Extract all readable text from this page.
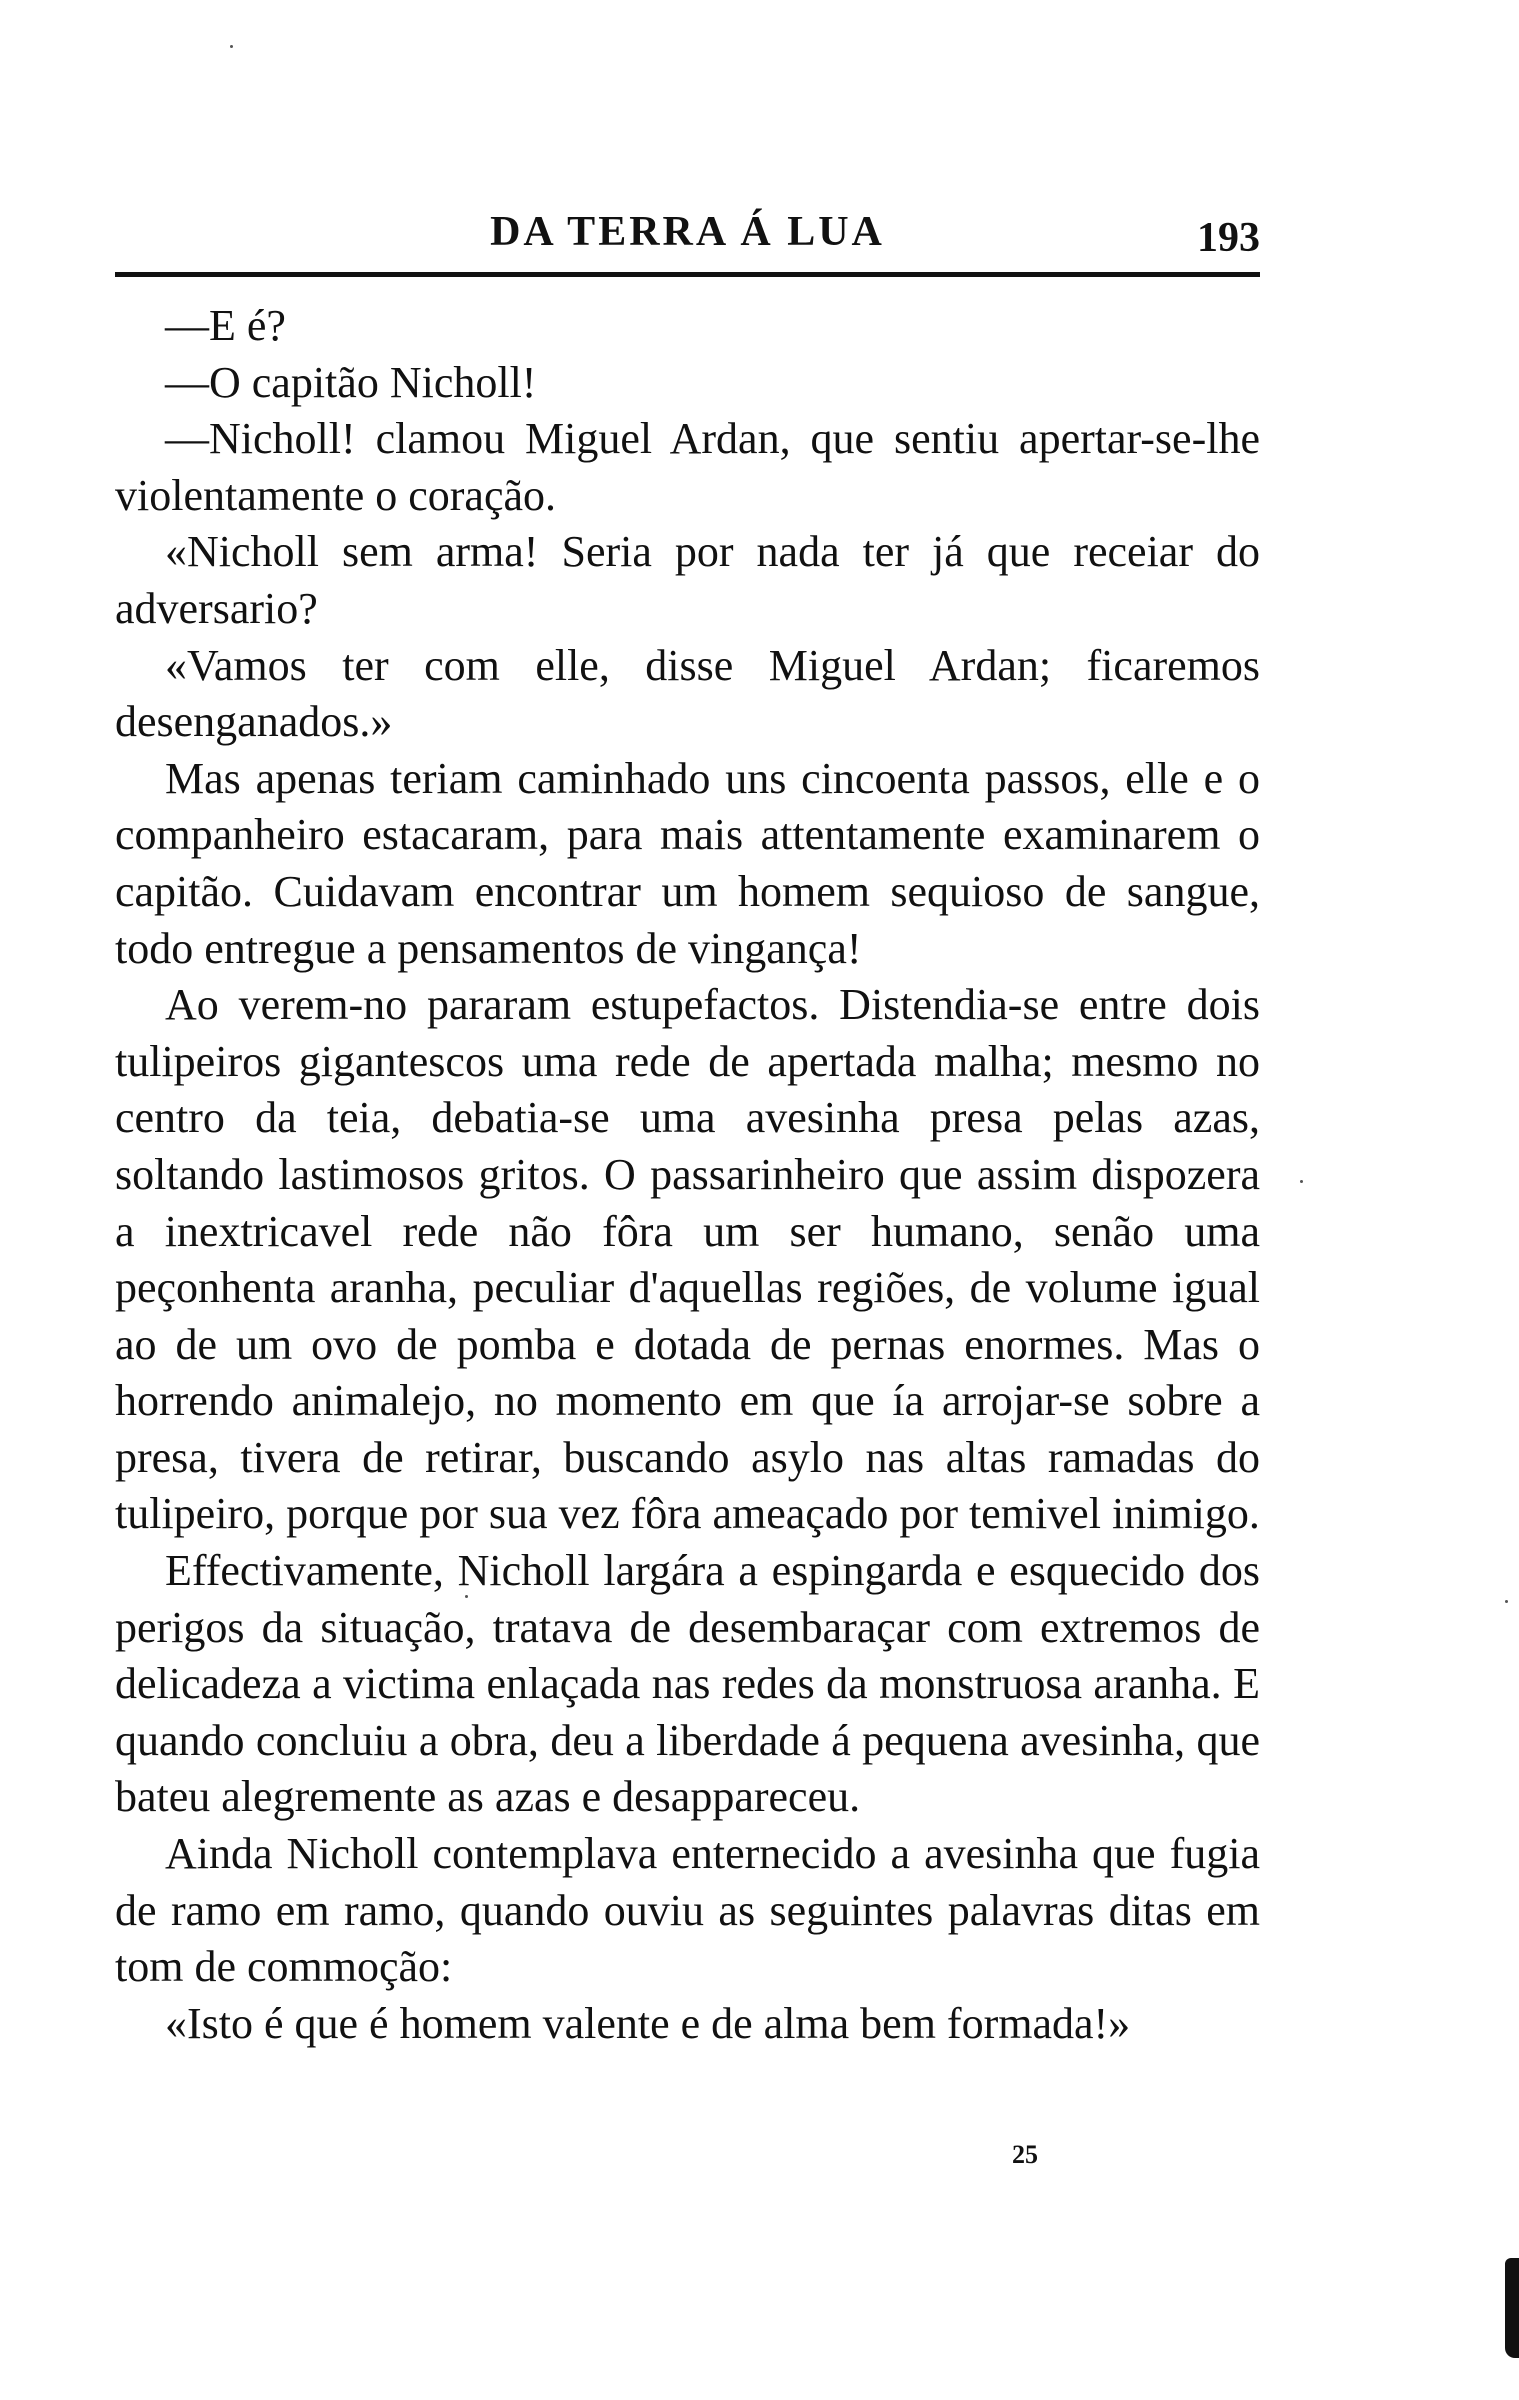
DA TERRA Á LUA	193

—E é?

—O capitão Nicholl!

—Nicholl! clamou Miguel Ardan, que sentiu apertar-se-lhe violentamente o coração.

«Nicholl sem arma! Seria por nada ter já que receiar do adversario?

«Vamos ter com elle, disse Miguel Ardan; ficaremos desenganados.»

Mas apenas teriam caminhado uns cincoenta passos, elle e o companheiro estacaram, para mais attentamente examinarem o capitão. Cuidavam encontrar um homem sequioso de sangue, todo entregue a pensamentos de vingança!

Ao verem-no pararam estupefactos. Distendia-se entre dois tulipeiros gigantescos uma rede de apertada malha; mesmo no centro da teia, debatia-se uma avesinha presa pelas azas, soltando lastimosos gritos. O passarinheiro que assim dispozera a inextricavel rede não fôra um ser humano, senão uma peçonhenta aranha, peculiar d'aquellas regiões, de volume igual ao de um ovo de pomba e dotada de pernas enormes. Mas o horrendo animalejo, no momento em que ía arrojar-se sobre a presa, tivera de retirar, buscando asylo nas altas ramadas do tulipeiro, porque por sua vez fôra ameaçado por temivel inimigo.

Effectivamente, Nicholl largára a espingarda e esquecido dos perigos da situação, tratava de desembaraçar com extremos de delicadeza a victima enlaçada nas redes da monstruosa aranha. E quando concluiu a obra, deu a liberdade á pequena avesinha, que bateu alegremente as azas e desappareceu.

Ainda Nicholl contemplava enternecido a avesinha que fugia de ramo em ramo, quando ouviu as seguintes palavras ditas em tom de commoção:

«Isto é que é homem valente e de alma bem formada!»

25
